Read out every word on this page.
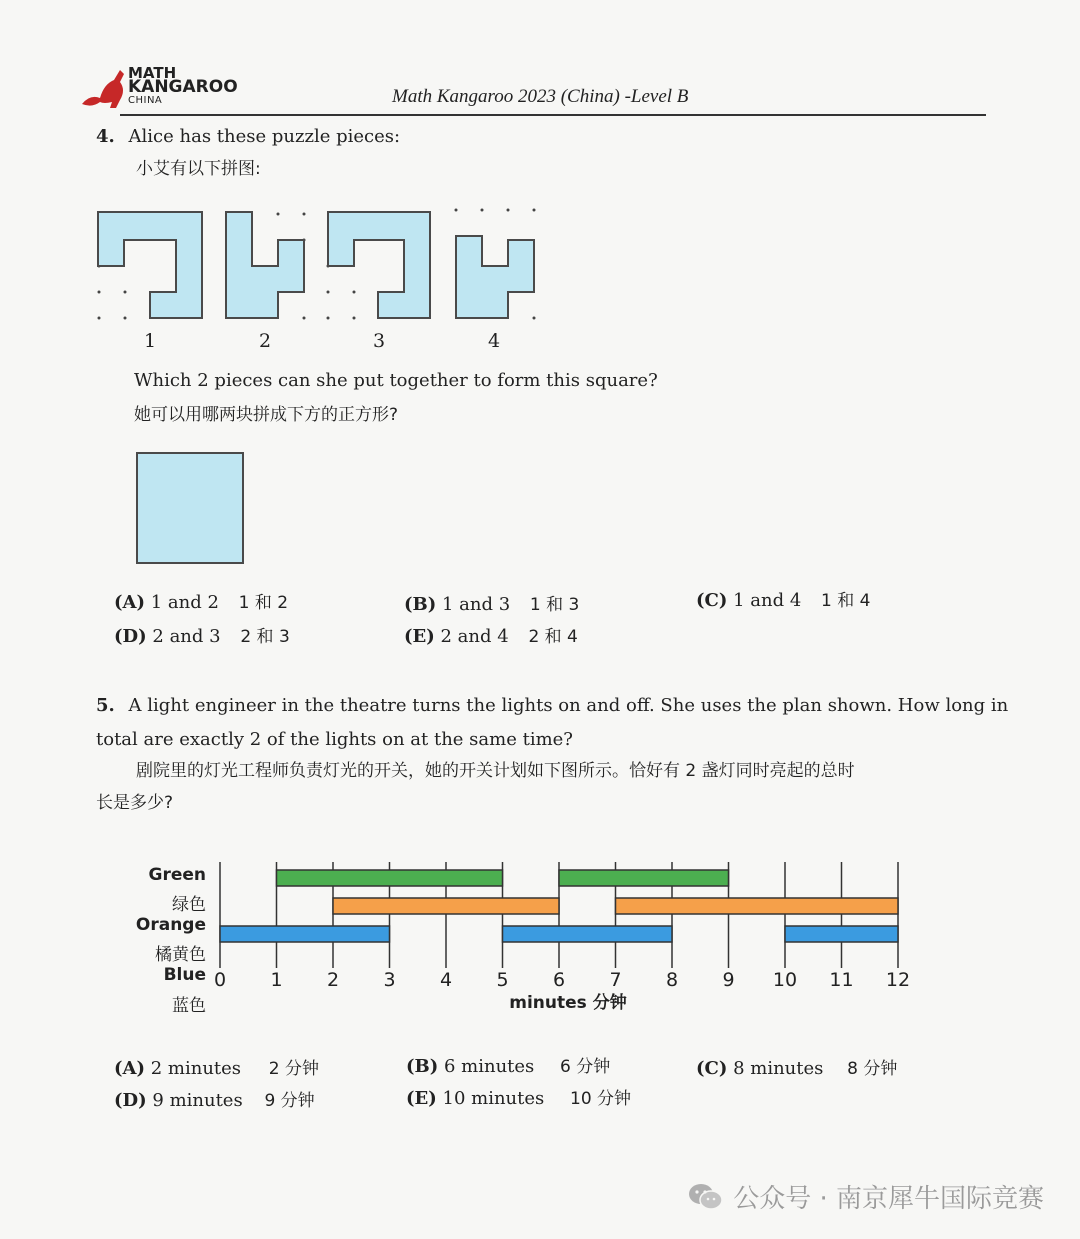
MATH
KANGAROO
CHINA	Math Kangaroo 2023 (China) -Level B
4. Alice has these puzzle pieces:
小艾有以下拼图:
1	2	3	4
Which 2 pieces can she put together to form this square?
她可以用哪两块拼成下方的正方形?
(A) 1 and 2 1 和 2	(B) 1 and 3 1 和 3	(C) 1 and 4 1 和 4
(D) 2 and 3 2 和 3	(E) 2 and 4 2 和 4
5. A light engineer in the theatre turns the lights on and off. She uses the plan shown. How long in
total are exactly 2 of the lights on at the same time?
剧院里的灯光工程师负责灯光的开关，她的开关计划如下图所示。恰好有 2 盏灯同时亮起的总时
长是多少?
Green
绿色
Orange
橘黄色
Blue
蓝色
0 1 2 3 4 5 6 7 8 9 10 11 12
minutes 分钟
(A) 2 minutes 2 分钟	(B) 6 minutes 6 分钟	(C) 8 minutes 8 分钟
(D) 9 minutes 9 分钟	(E) 10 minutes 10 分钟
公众号 · 南京犀牛国际竞赛
